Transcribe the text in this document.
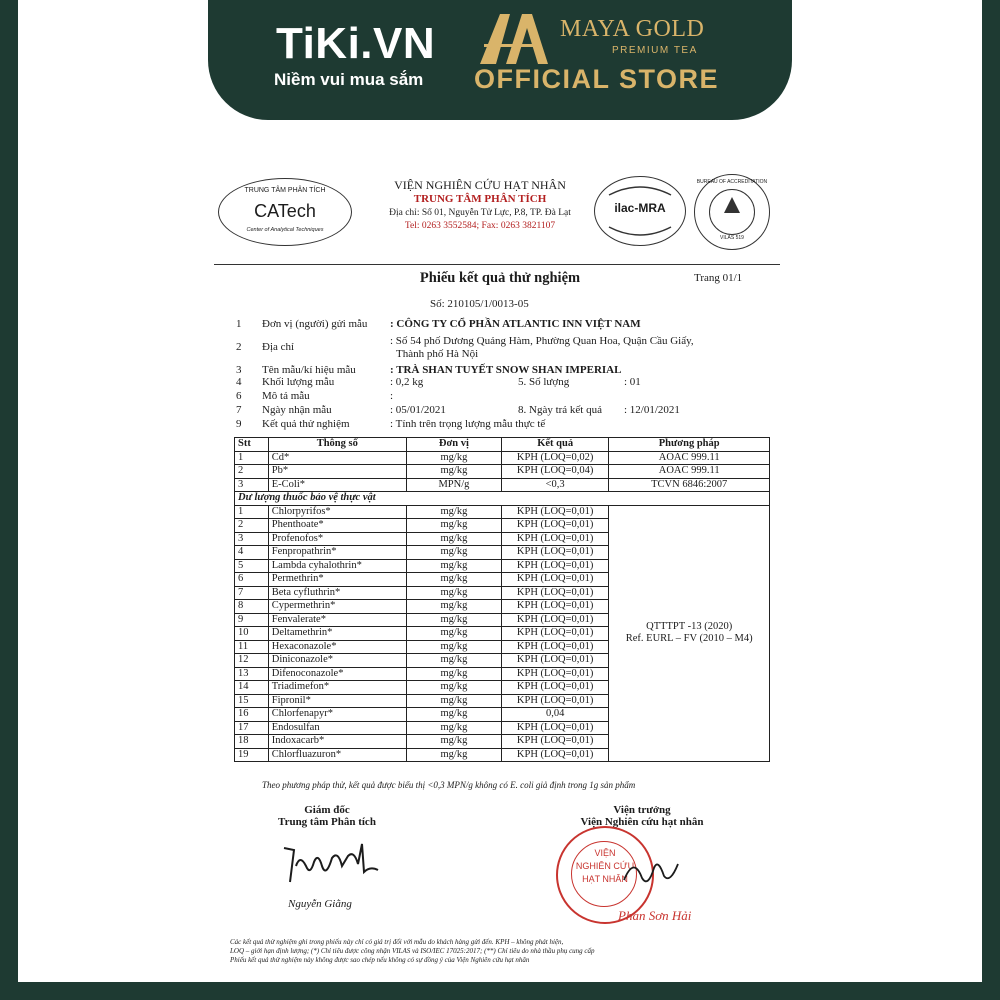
TiKi.VN
Niềm vui mua sắm
MAYA GOLD
PREMIUM TEA
OFFICIAL STORE
TRUNG TÂM PHÂN TÍCH
CATech
Center of Analytical Techniques
VIỆN NGHIÊN CỨU HẠT NHÂN
TRUNG TÂM PHÂN TÍCH
Địa chỉ: Số 01, Nguyễn Tử Lực, P.8, TP. Đà Lạt
Tel: 0263 3552584; Fax: 0263 3821107
ilac-MRA
BUREAU OF ACCREDITATION
VILAS 519
Phiếu kết quả thử nghiệm	Trang 01/1
Số: 210105/1/0013-05
1	Đơn vị (người) gửi mẫu : CÔNG TY CỔ PHẦN ATLANTIC INN VIỆT NAM
2	Địa chỉ	: Số 54 phố Dương Quảng Hàm, Phường Quan Hoa, Quận Cầu Giấy,
Thành phố Hà Nội
3	Tên mẫu/kí hiệu mẫu	: TRÀ SHAN TUYẾT SNOW SHAN IMPERIAL
4	Khối lượng mẫu	: 0,2 kg	5. Số lượng	: 01
6	Mô tả mẫu	:
7	Ngày nhận mẫu	: 05/01/2021	8. Ngày trả kết quả : 12/01/2021
9	Kết quả thử nghiệm	: Tính trên trọng lượng mẫu thực tế
Stt	Thông số	Đơn vị	Kết quả	Phương pháp
1	Cd*	mg/kg	KPH (LOQ=0,02)	AOAC 999.11
2	Pb*	mg/kg	KPH (LOQ=0,04)	AOAC 999.11
3	E-Coli*	MPN/g	<0,3	TCVN 6846:2007
Dư lượng thuốc bảo vệ thực vật				
1	Chlorpyrifos*	mg/kg	KPH (LOQ=0,01)	QTTTPT -13 (2020)
Ref. EURL – FV (2010 – M4)

2	Phenthoate*	mg/kg	KPH (LOQ=0,01)	
3	Profenofos*	mg/kg	KPH (LOQ=0,01)	
4	Fenpropathrin*	mg/kg	KPH (LOQ=0,01)	
5	Lambda cyhalothrin*	mg/kg	KPH (LOQ=0,01)	
6	Permethrin*	mg/kg	KPH (LOQ=0,01)	
7	Beta cyfluthrin*	mg/kg	KPH (LOQ=0,01)	
8	Cypermethrin*	mg/kg	KPH (LOQ=0,01)	
9	Fenvalerate*	mg/kg	KPH (LOQ=0,01)	
10	Deltamethrin*	mg/kg	KPH (LOQ=0,01)	
11	Hexaconazole*	mg/kg	KPH (LOQ=0,01)	
12	Diniconazole*	mg/kg	KPH (LOQ=0,01)	
13	Difenoconazole*	mg/kg	KPH (LOQ=0,01)	
14	Triadimefon*	mg/kg	KPH (LOQ=0,01)	
15	Fipronil*	mg/kg	KPH (LOQ=0,01)	
16	Chlorfenapyr*	mg/kg	0,04	
17	Endosulfan	mg/kg	KPH (LOQ=0,01)	
18	Indoxacarb*	mg/kg	KPH (LOQ=0,01)	
19	Chlorfluazuron*	mg/kg	KPH (LOQ=0,01)	
Theo phương pháp thử, kết quả được biểu thị <0,3 MPN/g không có E. coli giả định trong 1g sản phẩm
Giám đốc
Trung tâm Phân tích
Nguyễn Giằng
Viện trưởng
Viện Nghiên cứu hạt nhân
VIỆN
NGHIÊN CỨU
HẠT NHÂN
Phan Sơn Hải
Các kết quả thử nghiệm ghi trong phiếu này chỉ có giá trị đối với mẫu do khách hàng gửi đến. KPH – không phát hiện,
LOQ – giới hạn định lượng; (*) Chỉ tiêu được công nhận VILAS và ISO/IEC 17025:2017; (**) Chỉ tiêu do nhà thầu phụ cung cấp
Phiếu kết quả thử nghiệm này không được sao chép nếu không có sự đồng ý của Viện Nghiên cứu hạt nhân
